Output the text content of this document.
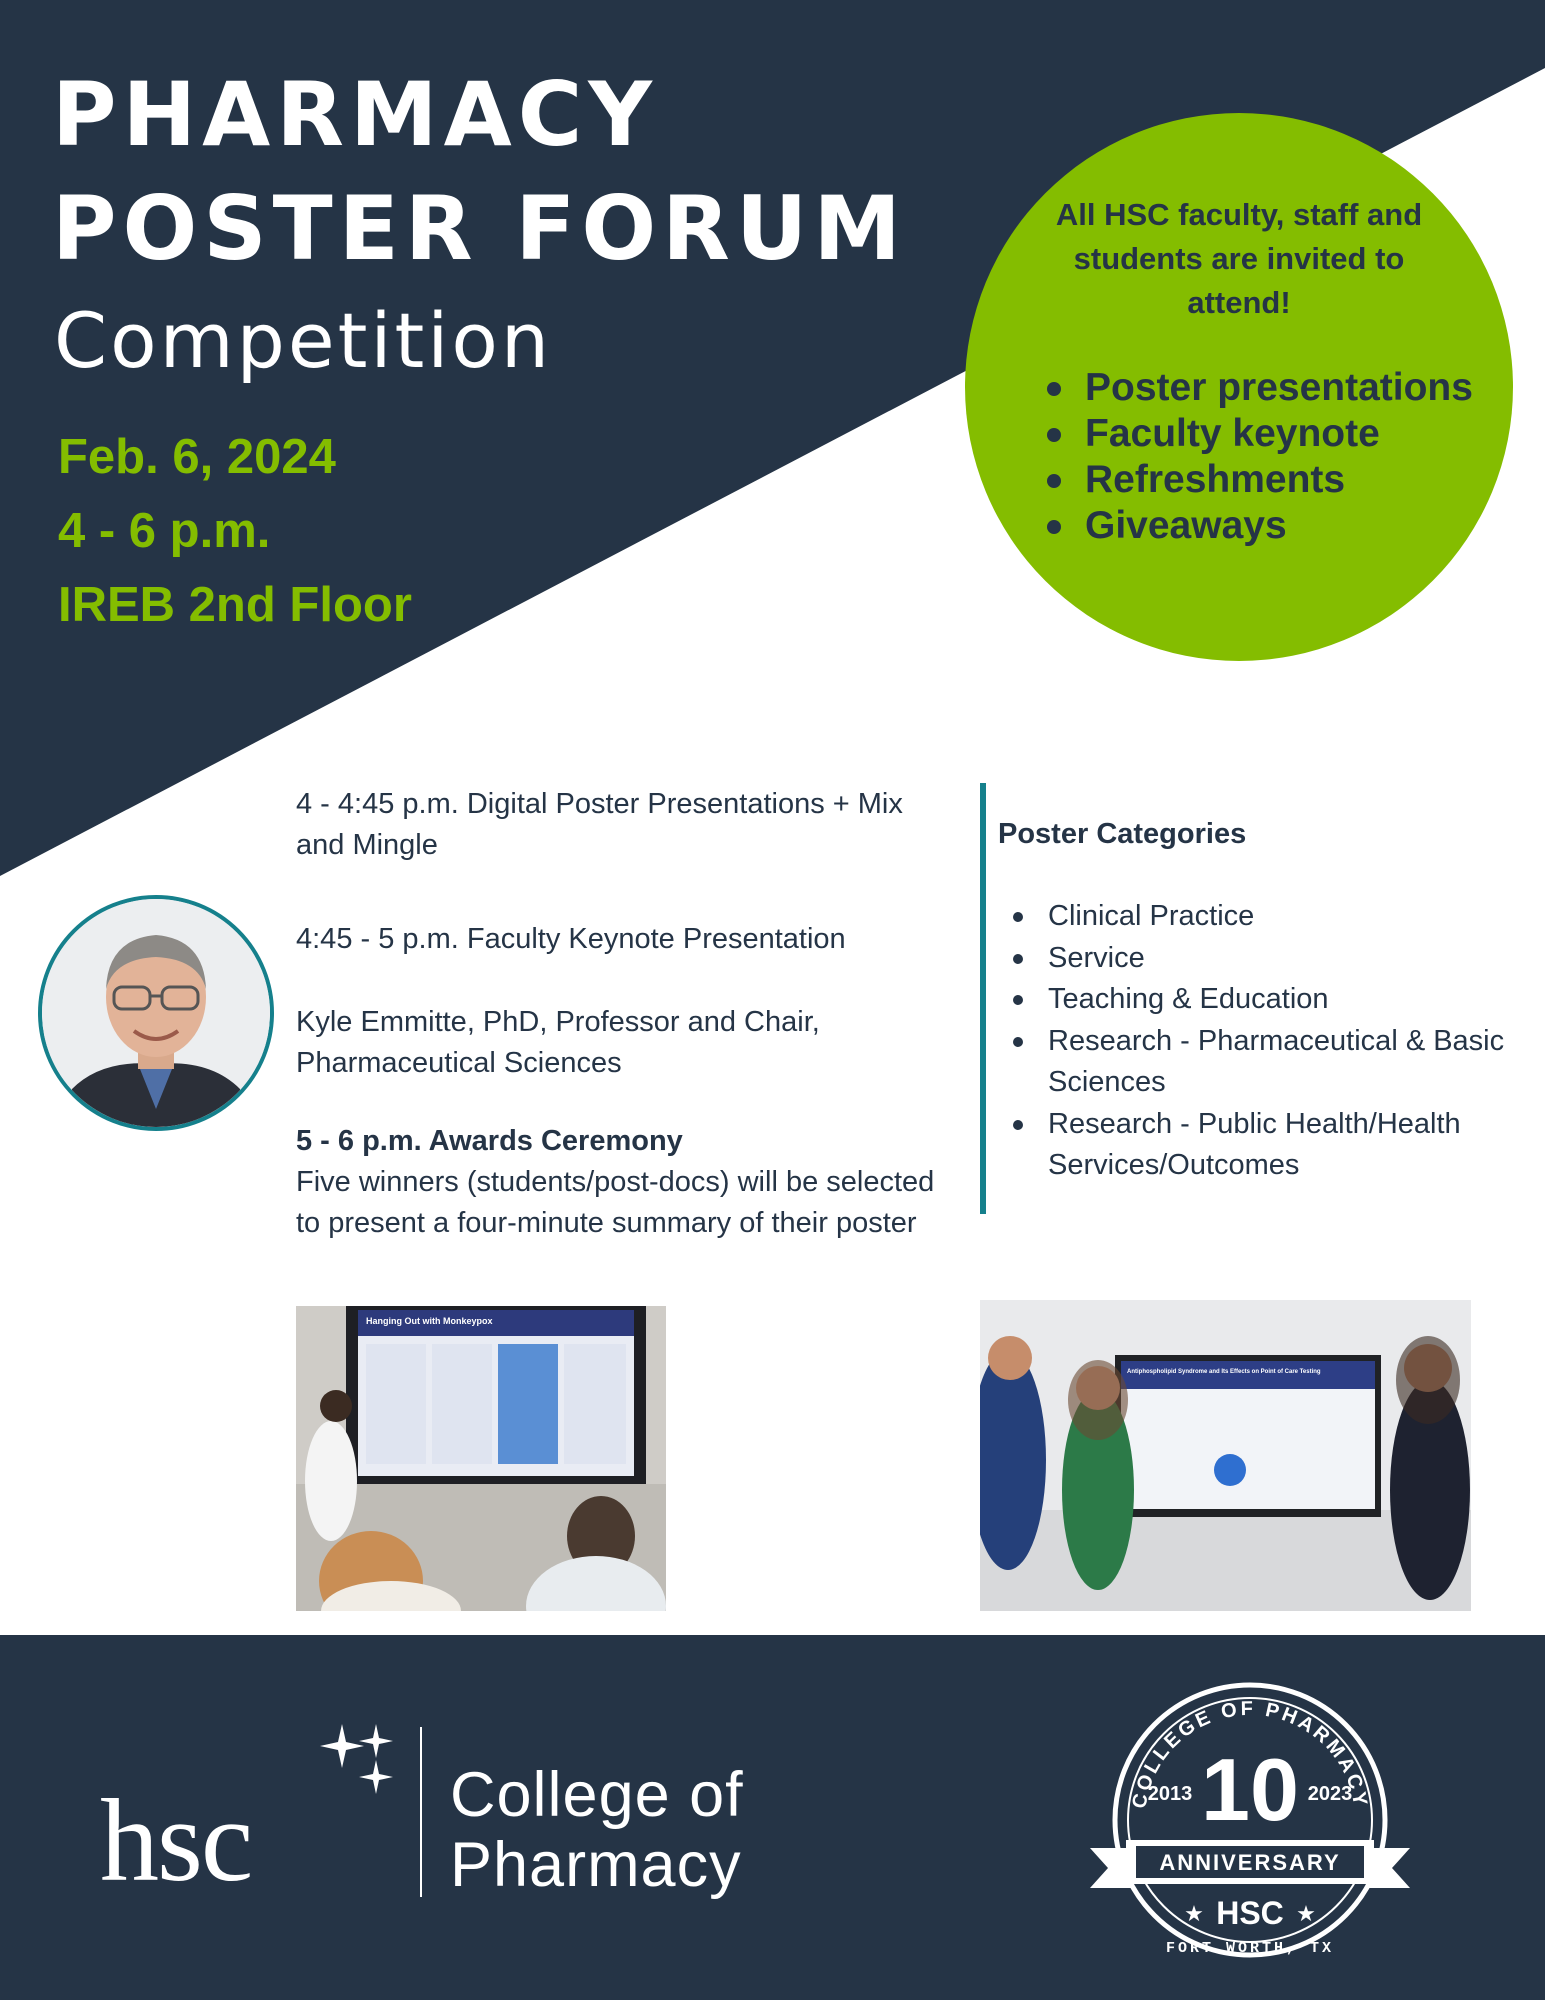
PHARMACY
POSTER FORUM
Competition
Feb. 6, 2024
4 - 6 p.m.
IREB 2nd Floor
All HSC faculty, staff and students are invited to attend!
Poster presentations
Faculty keynote
Refreshments
Giveaways
4 - 4:45 p.m. Digital Poster Presentations + Mix and Mingle
4:45 - 5 p.m. Faculty Keynote Presentation
Kyle Emmitte, PhD, Professor and Chair, Pharmaceutical Sciences
5 - 6 p.m. Awards Ceremony
Five winners (students/post-docs) will be selected to present a four-minute summary of their poster
Poster Categories
Clinical Practice
Service
Teaching & Education
Research - Pharmaceutical & Basic Sciences
Research - Public Health/Health Services/Outcomes
Hanging Out with Monkeypox
Antiphospholipid Syndrome and Its Effects on Point of Care Testing
hsc	College of
Pharmacy
COLLEGE OF PHARMACY
2013 10 2023
ANNIVERSARY
★ HSC ★
FORT WORTH, TX
